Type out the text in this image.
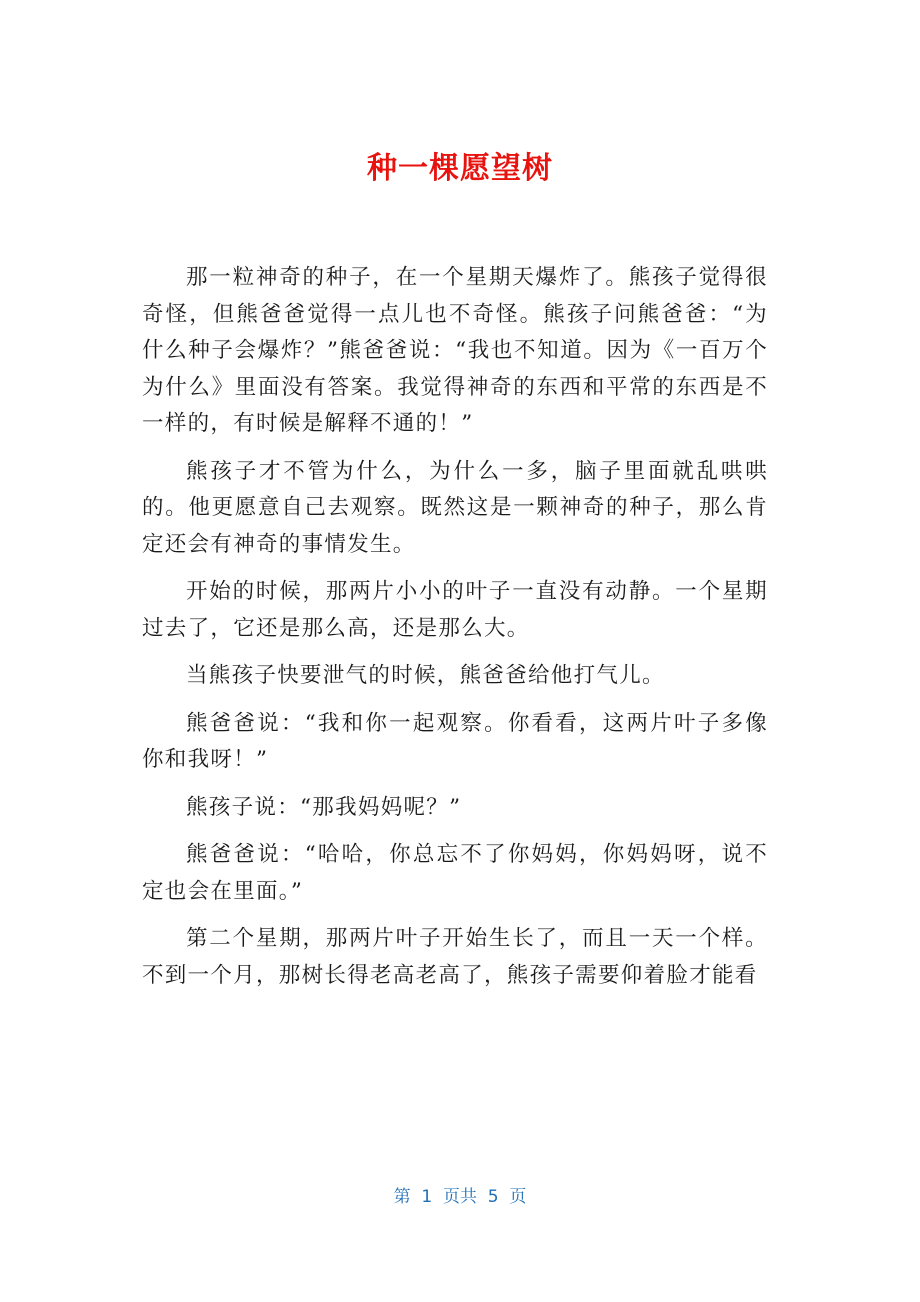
种一棵愿望树

那一粒神奇的种子，在一个星期天爆炸了。熊孩子觉得很奇怪，但熊爸爸觉得一点儿也不奇怪。熊孩子问熊爸爸：“为什么种子会爆炸？”熊爸爸说：“我也不知道。因为《一百万个为什么》里面没有答案。我觉得神奇的东西和平常的东西是不一样的，有时候是解释不通的！”

熊孩子才不管为什么，为什么一多，脑子里面就乱哄哄的。他更愿意自己去观察。既然这是一颗神奇的种子，那么肯定还会有神奇的事情发生。

开始的时候，那两片小小的叶子一直没有动静。一个星期过去了，它还是那么高，还是那么大。

当熊孩子快要泄气的时候，熊爸爸给他打气儿。

熊爸爸说：“我和你一起观察。你看看，这两片叶子多像你和我呀！”

熊孩子说：“那我妈妈呢？”

熊爸爸说：“哈哈，你总忘不了你妈妈，你妈妈呀，说不定也会在里面。”

第二个星期，那两片叶子开始生长了，而且一天一个样。不到一个月，那树长得老高老高了，熊孩子需要仰着脸才能看

第  1  页共  5  页
